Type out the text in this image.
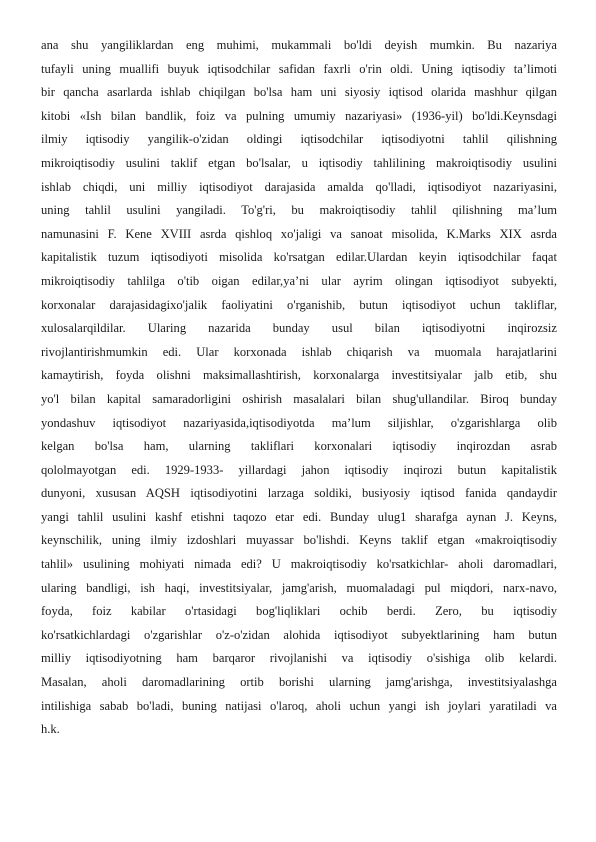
ana shu yangiliklardan eng muhimi, mukammali bo'ldi deyish mumkin. Bu nazariya
tufayli uning muallifi buyuk iqtisodchilar safidan faxrli o'rin oldi. Uning iqtisodiy ta’limoti
bir qancha asarlarda ishlab chiqilgan bo'lsa ham uni siyosiy iqtisod olarida mashhur qilgan
kitobi «Ish bilan bandlik, foiz va pulning umumiy nazariyasi» (1936-yil) bo'ldi.Keynsdagi
ilmiy iqtisodiy yangilik-o'zidan oldingi iqtisodchilar iqtisodiyotni tahlil qilishning
mikroiqtisodiy usulini taklif etgan bo'lsalar, u iqtisodiy tahlilining makroiqtisodiy usulini
ishlab chiqdi, uni milliy iqtisodiyot darajasida amalda qo'lladi, iqtisodiyot nazariyasini,
uning tahlil usulini yangiladi. To'g'ri, bu makroiqtisodiy tahlil qilishning ma’lum
namunasini F. Kene XVIII asrda qishloq xo'jaligi va sanoat misolida, K.Marks XIX asrda
kapitalistik tuzum iqtisodiyoti misolida ko'rsatgan edilar.Ulardan keyin iqtisodchilar faqat
mikroiqtisodiy tahlilga o'tib oigan edilar,ya’ni ular ayrim olingan iqtisodiyot subyekti,
korxonalar darajasidagixo'jalik faoliyatini o'rganishib, butun iqtisodiyot uchun takliflar,
xulosalarqildilar. Ularing nazarida bunday usul bilan iqtisodiyotni inqirozsiz
rivojlantirishmumkin edi. Ular korxonada ishlab chiqarish va muomala harajatlarini
kamaytirish, foyda olishni maksimallashtirish, korxonalarga investitsiyalar jalb etib, shu
yo'l bilan kapital samaradorligini oshirish masalalari bilan shug'ullandilar. Biroq bunday
yondashuv iqtisodiyot nazariyasida,iqtisodiyotda ma’lum siljishlar, o'zgarishlarga olib
kelgan bo'lsa ham, ularning takliflari korxonalari iqtisodiy inqirozdan asrab
qololmayotgan edi. 1929-1933- yillardagi jahon iqtisodiy inqirozi butun kapitalistik
dunyoni, xususan AQSH iqtisodiyotini larzaga soldiki, busiyosiy iqtisod fanida qandaydir
yangi tahlil usulini kashf etishni taqozo etar edi. Bunday ulug1 sharafga aynan J. Keyns,
keynschilik, uning ilmiy izdoshlari muyassar bo'lishdi. Keyns taklif etgan «makroiqtisodiy
tahlil» usulining mohiyati nimada edi? U makroiqtisodiy ko'rsatkichlar- aholi daromadlari,
ularing bandligi, ish haqi, investitsiyalar, jamg'arish, muomaladagi pul miqdori, narx-navo,
foyda, foiz kabilar o'rtasidagi bog'liqliklari ochib berdi. Zero, bu iqtisodiy
ko'rsatkichlardagi o'zgarishlar o'z-o'zidan alohida iqtisodiyot subyektlarining ham butun
milliy iqtisodiyotning ham barqaror rivojlanishi va iqtisodiy o'sishiga olib kelardi.
Masalan, aholi daromadlarining ortib borishi ularning jamg'arishga, investitsiyalashga
intilishiga sabab bo'ladi, buning natijasi o'laroq, aholi uchun yangi ish joylari yaratiladi va
h.k.
